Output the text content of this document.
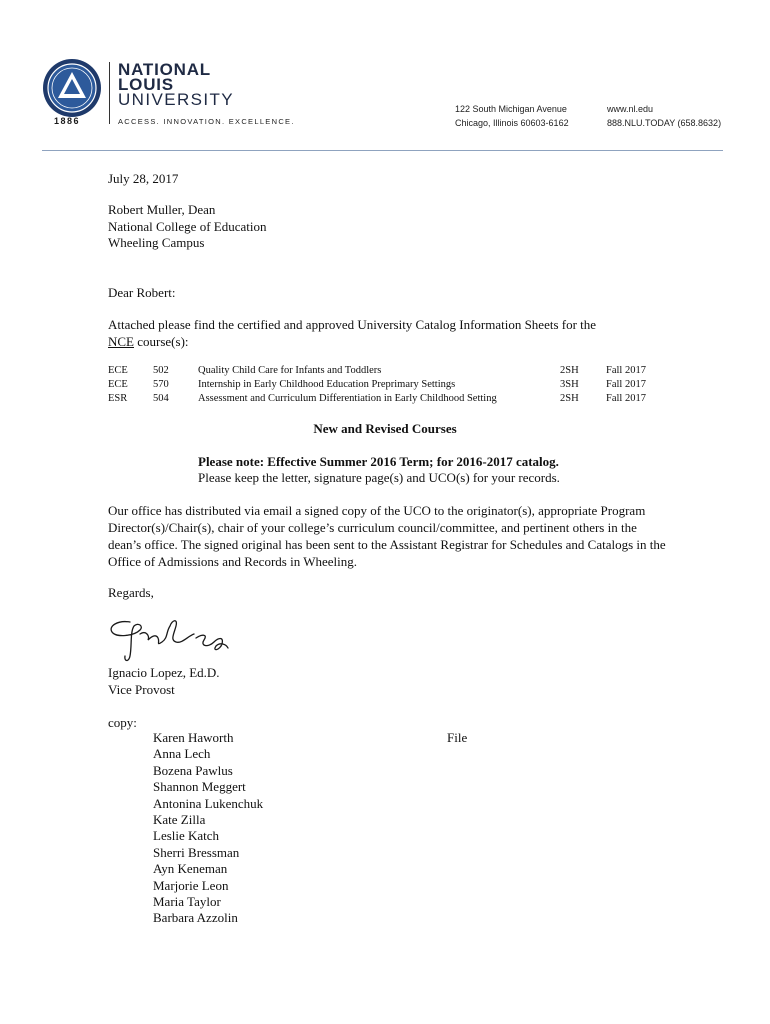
1886
NATIONAL
LOUIS
UNIVERSITY
ACCESS. INNOVATION. EXCELLENCE.
122 South Michigan Avenue
Chicago, Illinois 60603-6162
www.nl.edu
888.NLU.TODAY (658.8632)
July 28, 2017
Robert Muller, Dean
National College of Education
Wheeling Campus
Dear Robert:
Attached please find the certified and approved University Catalog Information Sheets for the
NCE course(s):
ECE 502	Quality Child Care for Infants and Toddlers	2SH	Fall 2017
ECE 570	Internship in Early Childhood Education Preprimary Settings	3SH	Fall 2017
ESR 504	Assessment and Curriculum Differentiation in Early Childhood Setting	2SH	Fall 2017
New and Revised Courses
Please note: Effective Summer 2016 Term; for 2016-2017 catalog.
Please keep the letter, signature page(s) and UCO(s) for your records.
Our office has distributed via email a signed copy of the UCO to the originator(s), appropriate Program Director(s)/Chair(s), chair of your college’s curriculum council/committee, and pertinent others in the dean’s office. The signed original has been sent to the Assistant Registrar for Schedules and Catalogs in the Office of Admissions and Records in Wheeling.
Regards,
Ignacio Lopez, Ed.D.
Vice Provost
copy:
Karen Haworth
Anna Lech
Bozena Pawlus
Shannon Meggert
Antonina Lukenchuk
Kate Zilla
Leslie Katch
Sherri Bressman
Ayn Keneman
Marjorie Leon
Maria Taylor
Barbara Azzolin
File
